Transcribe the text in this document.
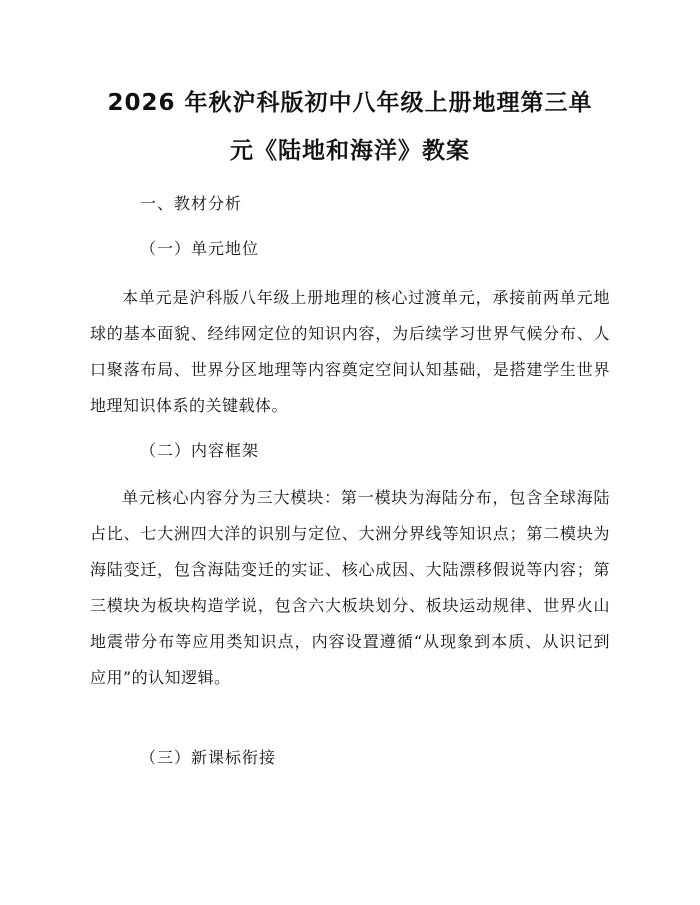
2026 年秋沪科版初中八年级上册地理第三单
元《陆地和海洋》教案
一、教材分析
（一）单元地位
本单元是沪科版八年级上册地理的核心过渡单元，承接前两单元地球的基本面貌、经纬网定位的知识内容，为后续学习世界气候分布、人口聚落布局、世界分区地理等内容奠定空间认知基础，是搭建学生世界地理知识体系的关键载体。
（二）内容框架
单元核心内容分为三大模块：第一模块为海陆分布，包含全球海陆占比、七大洲四大洋的识别与定位、大洲分界线等知识点；第二模块为海陆变迁，包含海陆变迁的实证、核心成因、大陆漂移假说等内容；第三模块为板块构造学说，包含六大板块划分、板块运动规律、世界火山地震带分布等应用类知识点，内容设置遵循“从现象到本质、从识记到应用”的认知逻辑。
（三）新课标衔接
